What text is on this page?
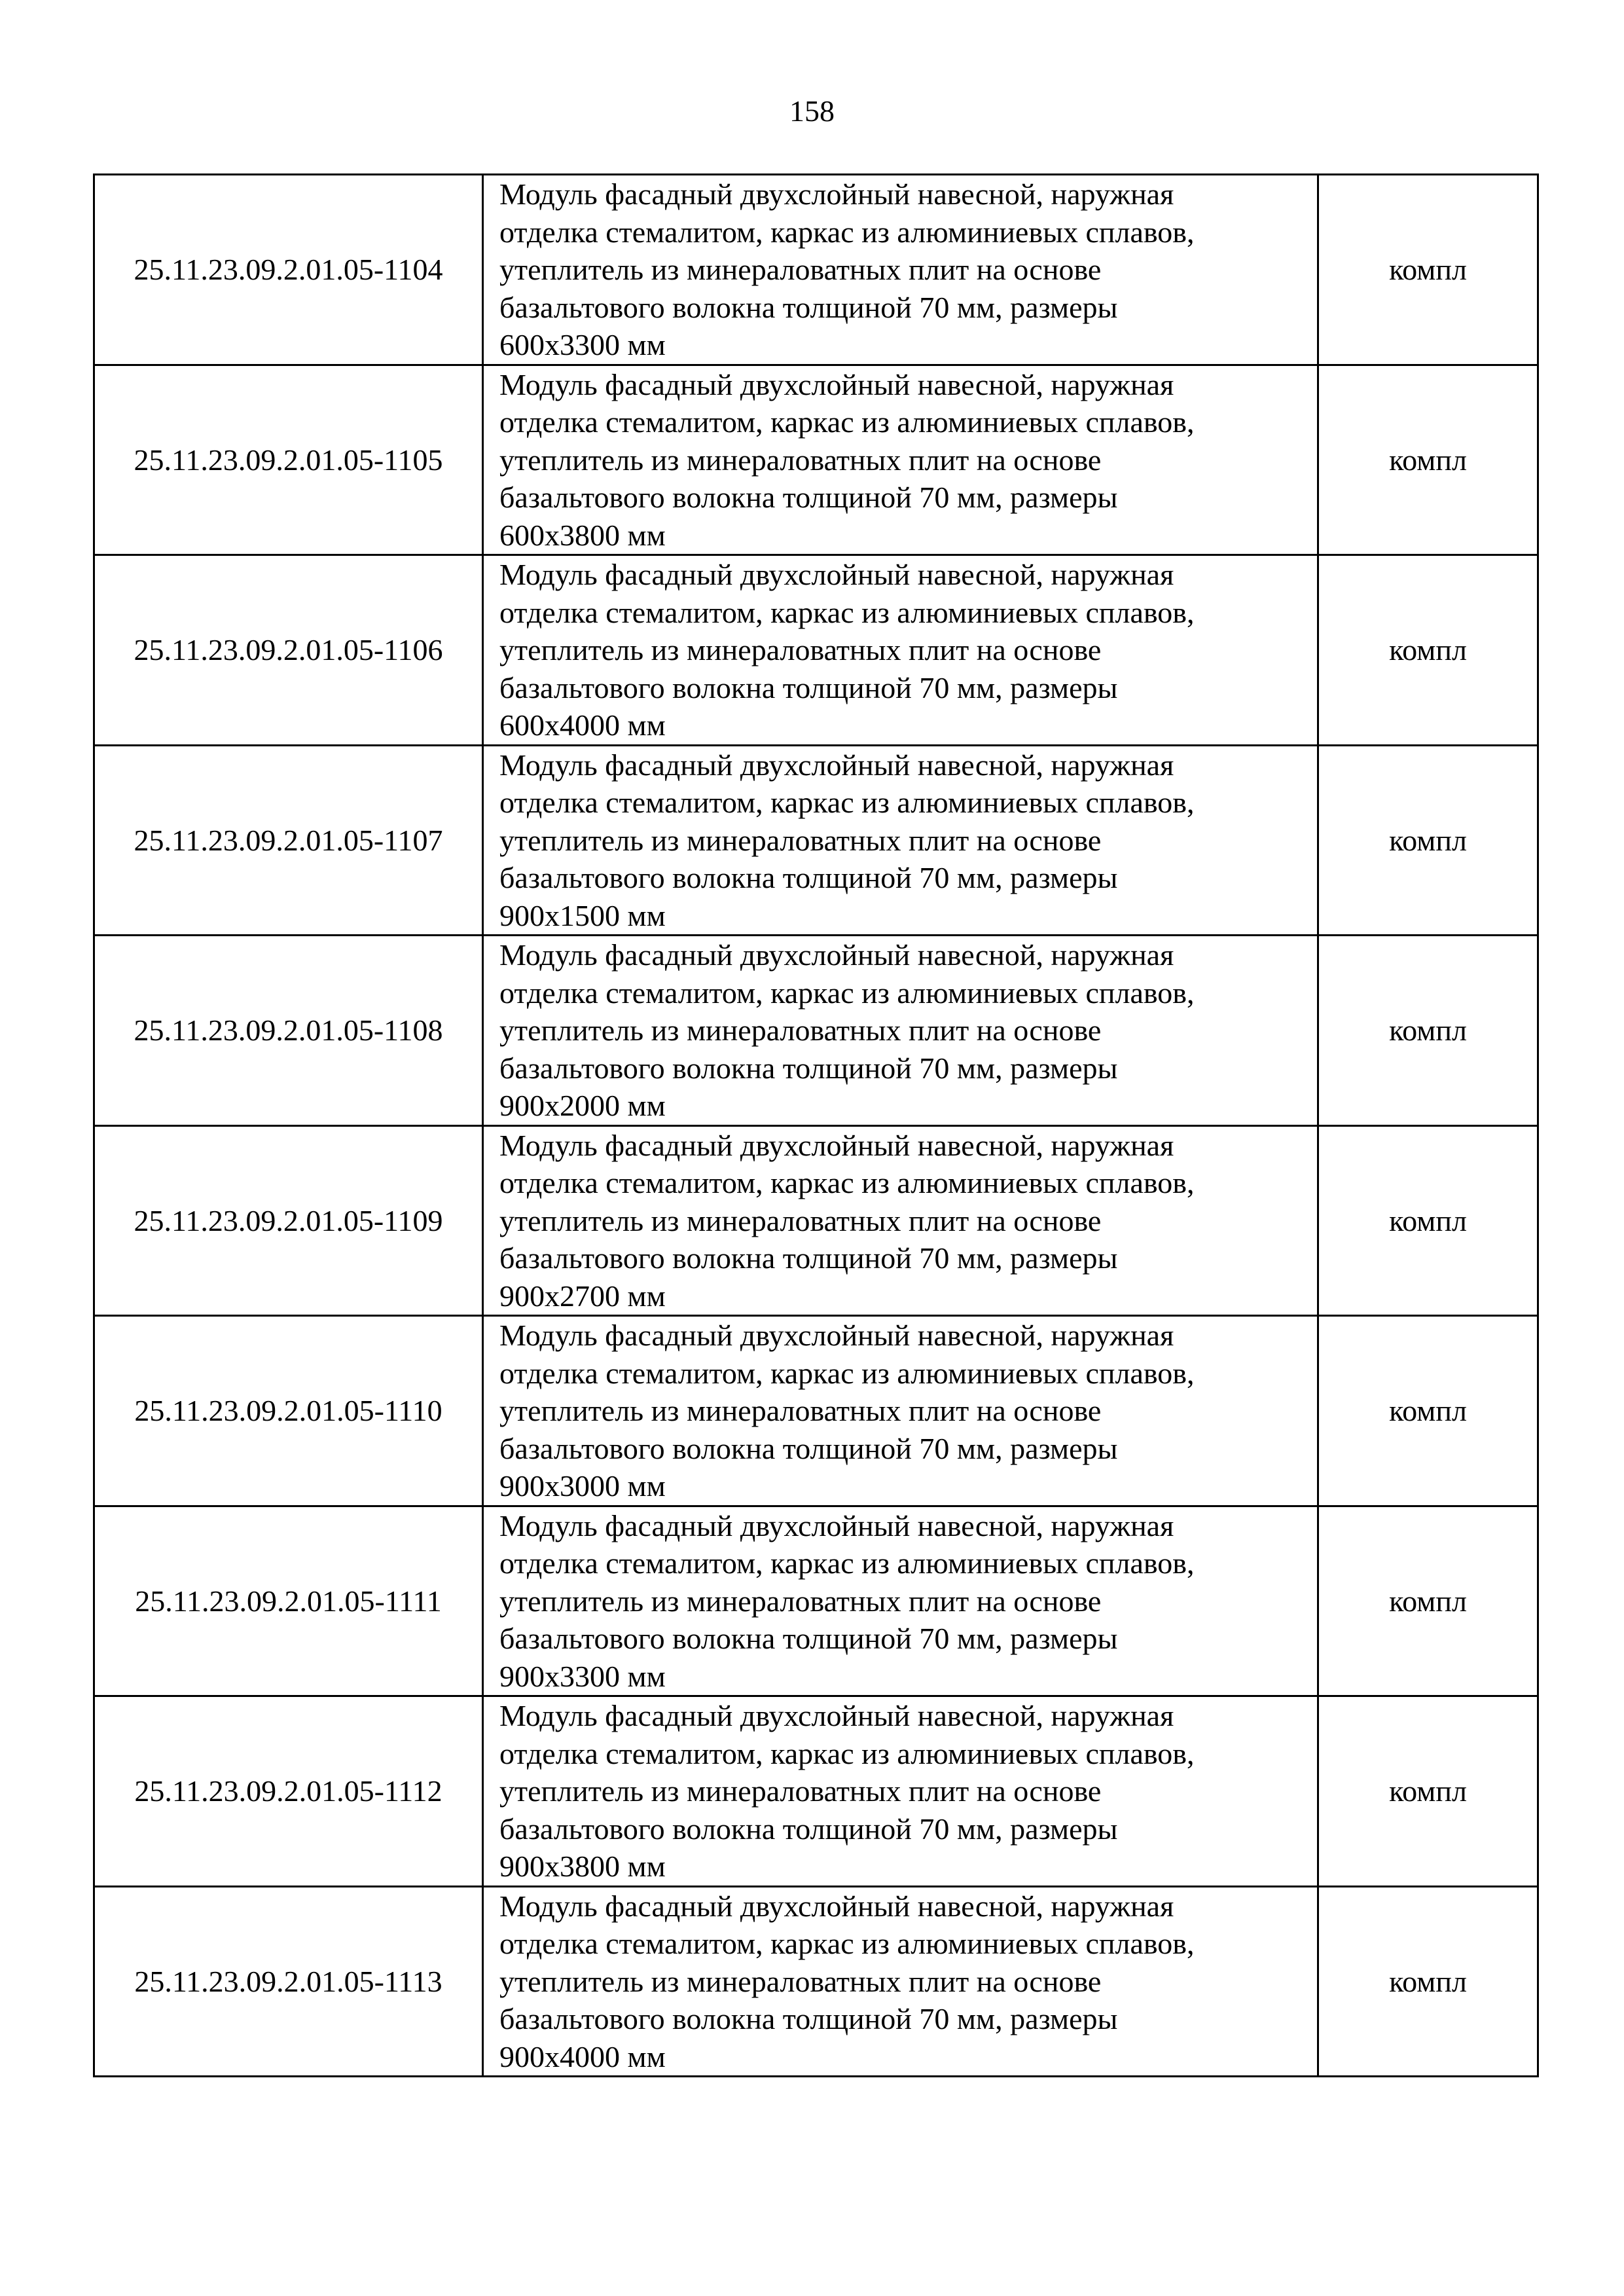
158
25.11.23.09.2.01.05-1104	Модуль фасадный двухслойный навесной, наружная
отделка стемалитом, каркас из алюминиевых сплавов,
утеплитель из минераловатных плит на основе
базальтового волокна толщиной 70 мм, размеры
600x3300 мм	компл
25.11.23.09.2.01.05-1105	Модуль фасадный двухслойный навесной, наружная
отделка стемалитом, каркас из алюминиевых сплавов,
утеплитель из минераловатных плит на основе
базальтового волокна толщиной 70 мм, размеры
600x3800 мм	компл
25.11.23.09.2.01.05-1106	Модуль фасадный двухслойный навесной, наружная
отделка стемалитом, каркас из алюминиевых сплавов,
утеплитель из минераловатных плит на основе
базальтового волокна толщиной 70 мм, размеры
600x4000 мм	компл
25.11.23.09.2.01.05-1107	Модуль фасадный двухслойный навесной, наружная
отделка стемалитом, каркас из алюминиевых сплавов,
утеплитель из минераловатных плит на основе
базальтового волокна толщиной 70 мм, размеры
900x1500 мм	компл
25.11.23.09.2.01.05-1108	Модуль фасадный двухслойный навесной, наружная
отделка стемалитом, каркас из алюминиевых сплавов,
утеплитель из минераловатных плит на основе
базальтового волокна толщиной 70 мм, размеры
900x2000 мм	компл
25.11.23.09.2.01.05-1109	Модуль фасадный двухслойный навесной, наружная
отделка стемалитом, каркас из алюминиевых сплавов,
утеплитель из минераловатных плит на основе
базальтового волокна толщиной 70 мм, размеры
900x2700 мм	компл
25.11.23.09.2.01.05-1110	Модуль фасадный двухслойный навесной, наружная
отделка стемалитом, каркас из алюминиевых сплавов,
утеплитель из минераловатных плит на основе
базальтового волокна толщиной 70 мм, размеры
900x3000 мм	компл
25.11.23.09.2.01.05-1111	Модуль фасадный двухслойный навесной, наружная
отделка стемалитом, каркас из алюминиевых сплавов,
утеплитель из минераловатных плит на основе
базальтового волокна толщиной 70 мм, размеры
900x3300 мм	компл
25.11.23.09.2.01.05-1112	Модуль фасадный двухслойный навесной, наружная
отделка стемалитом, каркас из алюминиевых сплавов,
утеплитель из минераловатных плит на основе
базальтового волокна толщиной 70 мм, размеры
900x3800 мм	компл
25.11.23.09.2.01.05-1113	Модуль фасадный двухслойный навесной, наружная
отделка стемалитом, каркас из алюминиевых сплавов,
утеплитель из минераловатных плит на основе
базальтового волокна толщиной 70 мм, размеры
900x4000 мм	компл
